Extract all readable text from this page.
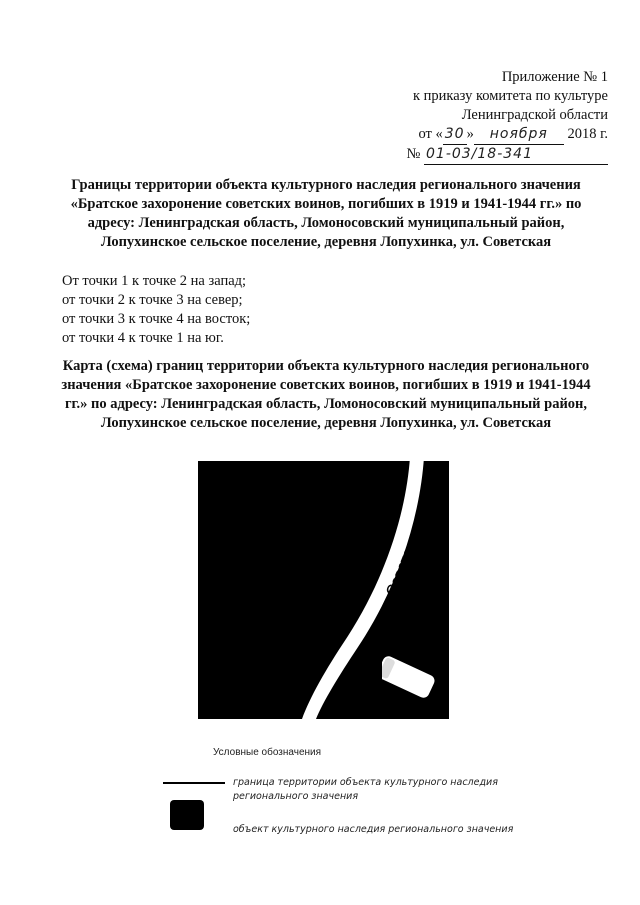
Приложение № 1
к приказу комитета по культуре
Ленинградской области
от « 30 » ноября 2018 г.
№ 01-03/18-341
Границы территории объекта культурного наследия регионального значения «Братское захоронение советских воинов, погибших в 1919 и 1941-1944 гг.» по адресу: Ленинградская область, Ломоносовский муниципальный район, Лопухинское сельское поселение, деревня Лопухинка, ул. Советская
От точки 1 к точке 2 на запад;
от точки 2 к точке 3 на север;
от точки 3 к точке 4 на восток;
от точки 4 к точке 1 на юг.
Карта (схема) границ территории объекта культурного наследия регионального значения «Братское захоронение советских воинов, погибших в 1919 и 1941-1944 гг.» по адресу: Ленинградская область, Ломоносовский муниципальный район, Лопухинское сельское поселение, деревня Лопухинка, ул. Советская
Советская ул.
Условные обозначения
граница территории объекта культурного наследия регионального значения
объект культурного наследия регионального значения
